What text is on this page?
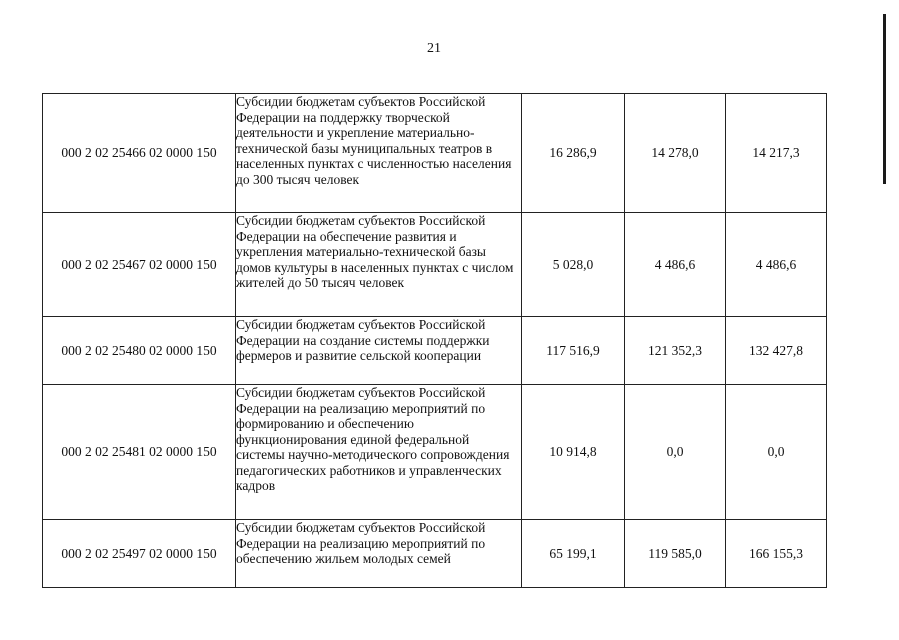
21
000 2 02 25466 02 0000 150	Субсидии бюджетам субъектов Российской Федерации на поддержку творческой деятельности и укрепление материально-технической базы муниципальных театров в населенных пунктах с численностью населения до 300 тысяч человек	16 286,9	14 278,0	14 217,3
000 2 02 25467 02 0000 150	Субсидии бюджетам субъектов Российской Федерации на обеспечение развития и укрепления материально-технической базы домов культуры в населенных пунктах с числом жителей до 50 тысяч человек	5 028,0	4 486,6	4 486,6
000 2 02 25480 02 0000 150	Субсидии бюджетам субъектов Российской Федерации на создание системы поддержки фермеров и развитие сельской кооперации	117 516,9	121 352,3	132 427,8
000 2 02 25481 02 0000 150	Субсидии бюджетам субъектов Российской Федерации на реализацию мероприятий по формированию и обеспечению функционирования единой федеральной системы научно-методического сопровождения педагогических работников и управленческих кадров	10 914,8	0,0	0,0
000 2 02 25497 02 0000 150	Субсидии бюджетам субъектов Российской Федерации на реализацию мероприятий по обеспечению жильем молодых семей	65 199,1	119 585,0	166 155,3
